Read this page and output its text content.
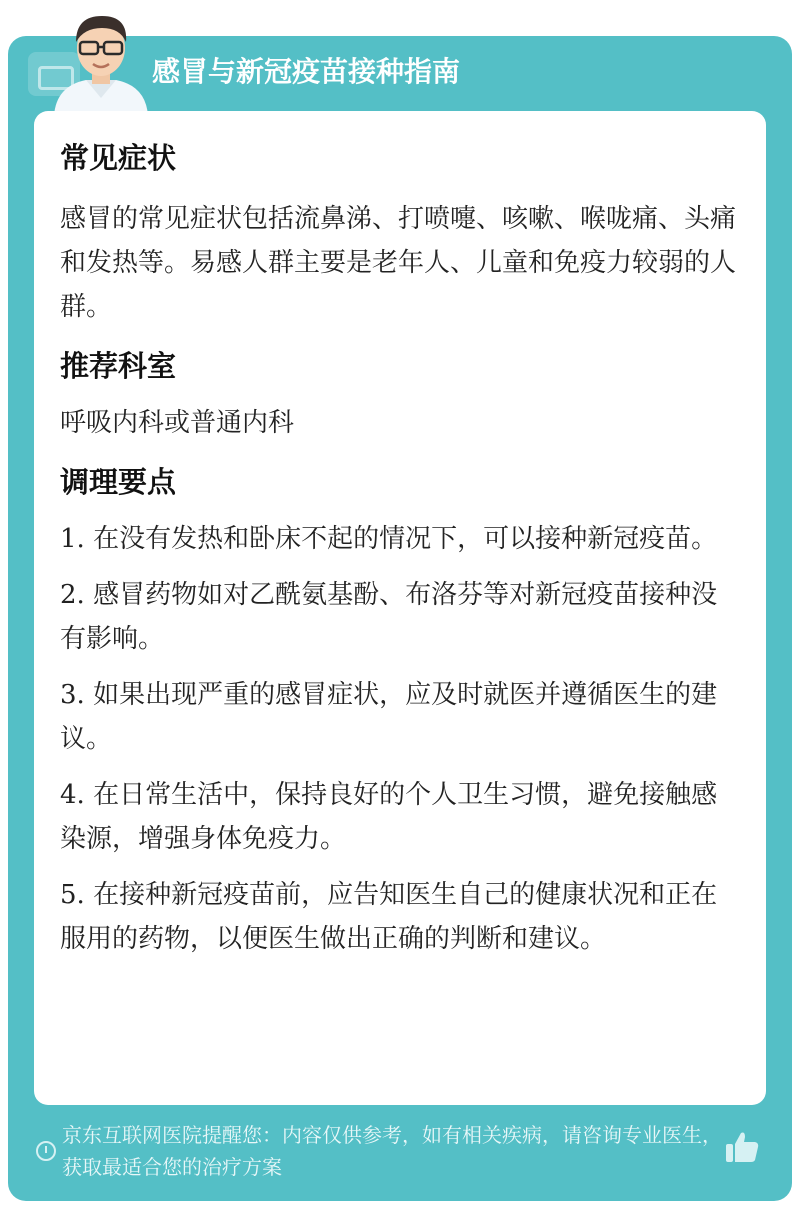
感冒与新冠疫苗接种指南
常见症状

感冒的常见症状包括流鼻涕、打喷嚏、咳嗽、喉咙痛、头痛和发热等。易感人群主要是老年人、儿童和免疫力较弱的人群。

推荐科室

呼吸内科或普通内科

调理要点
1. 在没有发热和卧床不起的情况下，可以接种新冠疫苗。
2. 感冒药物如对乙酰氨基酚、布洛芬等对新冠疫苗接种没有影响。
3. 如果出现严重的感冒症状，应及时就医并遵循医生的建议。
4. 在日常生活中，保持良好的个人卫生习惯，避免接触感染源，增强身体免疫力。
5. 在接种新冠疫苗前，应告知医生自己的健康状况和正在服用的药物，以便医生做出正确的判断和建议。
京东互联网医院提醒您：内容仅供参考，如有相关疾病，请咨询专业医生，获取最适合您的治疗方案
